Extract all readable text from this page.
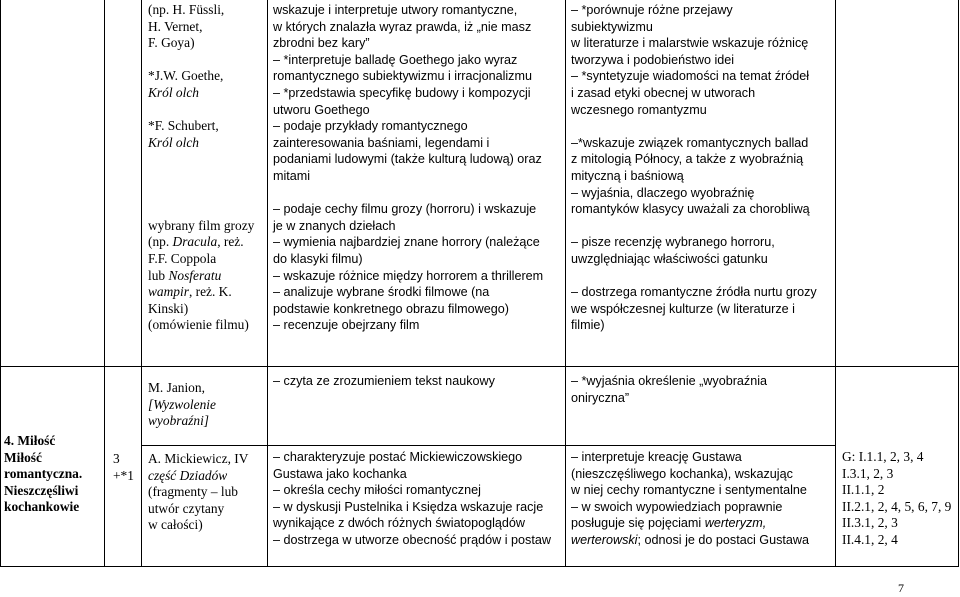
(np. H. Füssli,
H. Vernet,
F. Goya)
*J.W. Goethe,
Król olch
*F. Schubert,
Król olch
wybrany film grozy
(np. Dracula, reż.
F.F. Coppola
lub Nosferatu
wampir, reż. K.
Kinski)
(omówienie filmu)
wskazuje i interpretuje utwory romantyczne,
w których znalazła wyraz prawda, iż „nie masz
zbrodni bez kary”
– *interpretuje balladę Goethego jako wyraz
romantycznego subiektywizmu i irracjonalizmu
– *przedstawia specyfikę budowy i kompozycji
utworu Goethego
– podaje przykłady romantycznego
zainteresowania baśniami, legendami i
podaniami ludowymi (także kulturą ludową) oraz
mitami
– podaje cechy filmu grozy (horroru) i wskazuje
je w znanych dziełach
– wymienia najbardziej znane horrory (należące
do klasyki filmu)
– wskazuje różnice między horrorem a thrillerem
– analizuje wybrane środki filmowe (na
podstawie konkretnego obrazu filmowego)
– recenzuje obejrzany film
– *porównuje różne przejawy
subiektywizmu
w literaturze i malarstwie wskazuje różnicę
tworzywa i podobieństwo idei
– *syntetyzuje wiadomości na temat źródeł
i zasad etyki obecnej w utworach
wczesnego romantyzmu
–*wskazuje związek romantycznych ballad
z mitologią Północy, a także z wyobraźnią
mityczną i baśniową
– wyjaśnia, dlaczego wyobraźnię
romantyków klasycy uważali za chorobliwą
– pisze recenzję wybranego horroru,
uwzględniając właściwości gatunku
– dostrzega romantyczne źródła nurtu grozy
we współczesnej kulturze (w literaturze i
filmie)
4. Miłość
Miłość
romantyczna.
Nieszczęśliwi
kochankowie
3
+*1
M. Janion,
[Wyzwolenie
wyobraźni]
A. Mickiewicz, IV
część Dziadów
(fragmenty – lub
utwór czytany
w całości)
– czyta ze zrozumieniem tekst naukowy	– *wyjaśnia określenie „wyobraźnia
oniryczna”
– charakteryzuje postać Mickiewiczowskiego
Gustawa jako kochanka
– określa cechy miłości romantycznej
– w dyskusji Pustelnika i Księdza wskazuje racje
wynikające z dwóch różnych światopoglądów
– dostrzega w utworze obecność prądów i postaw
– interpretuje kreację Gustawa
(nieszczęśliwego kochanka), wskazując
w niej cechy romantyczne i sentymentalne
– w swoich wypowiedziach poprawnie
posługuje się pojęciami werteryzm,
werterowski; odnosi je do postaci Gustawa
G: I.1.1, 2, 3, 4
I.3.1, 2, 3
II.1.1, 2
II.2.1, 2, 4, 5, 6, 7, 9
II.3.1, 2, 3
II.4.1, 2, 4
7
